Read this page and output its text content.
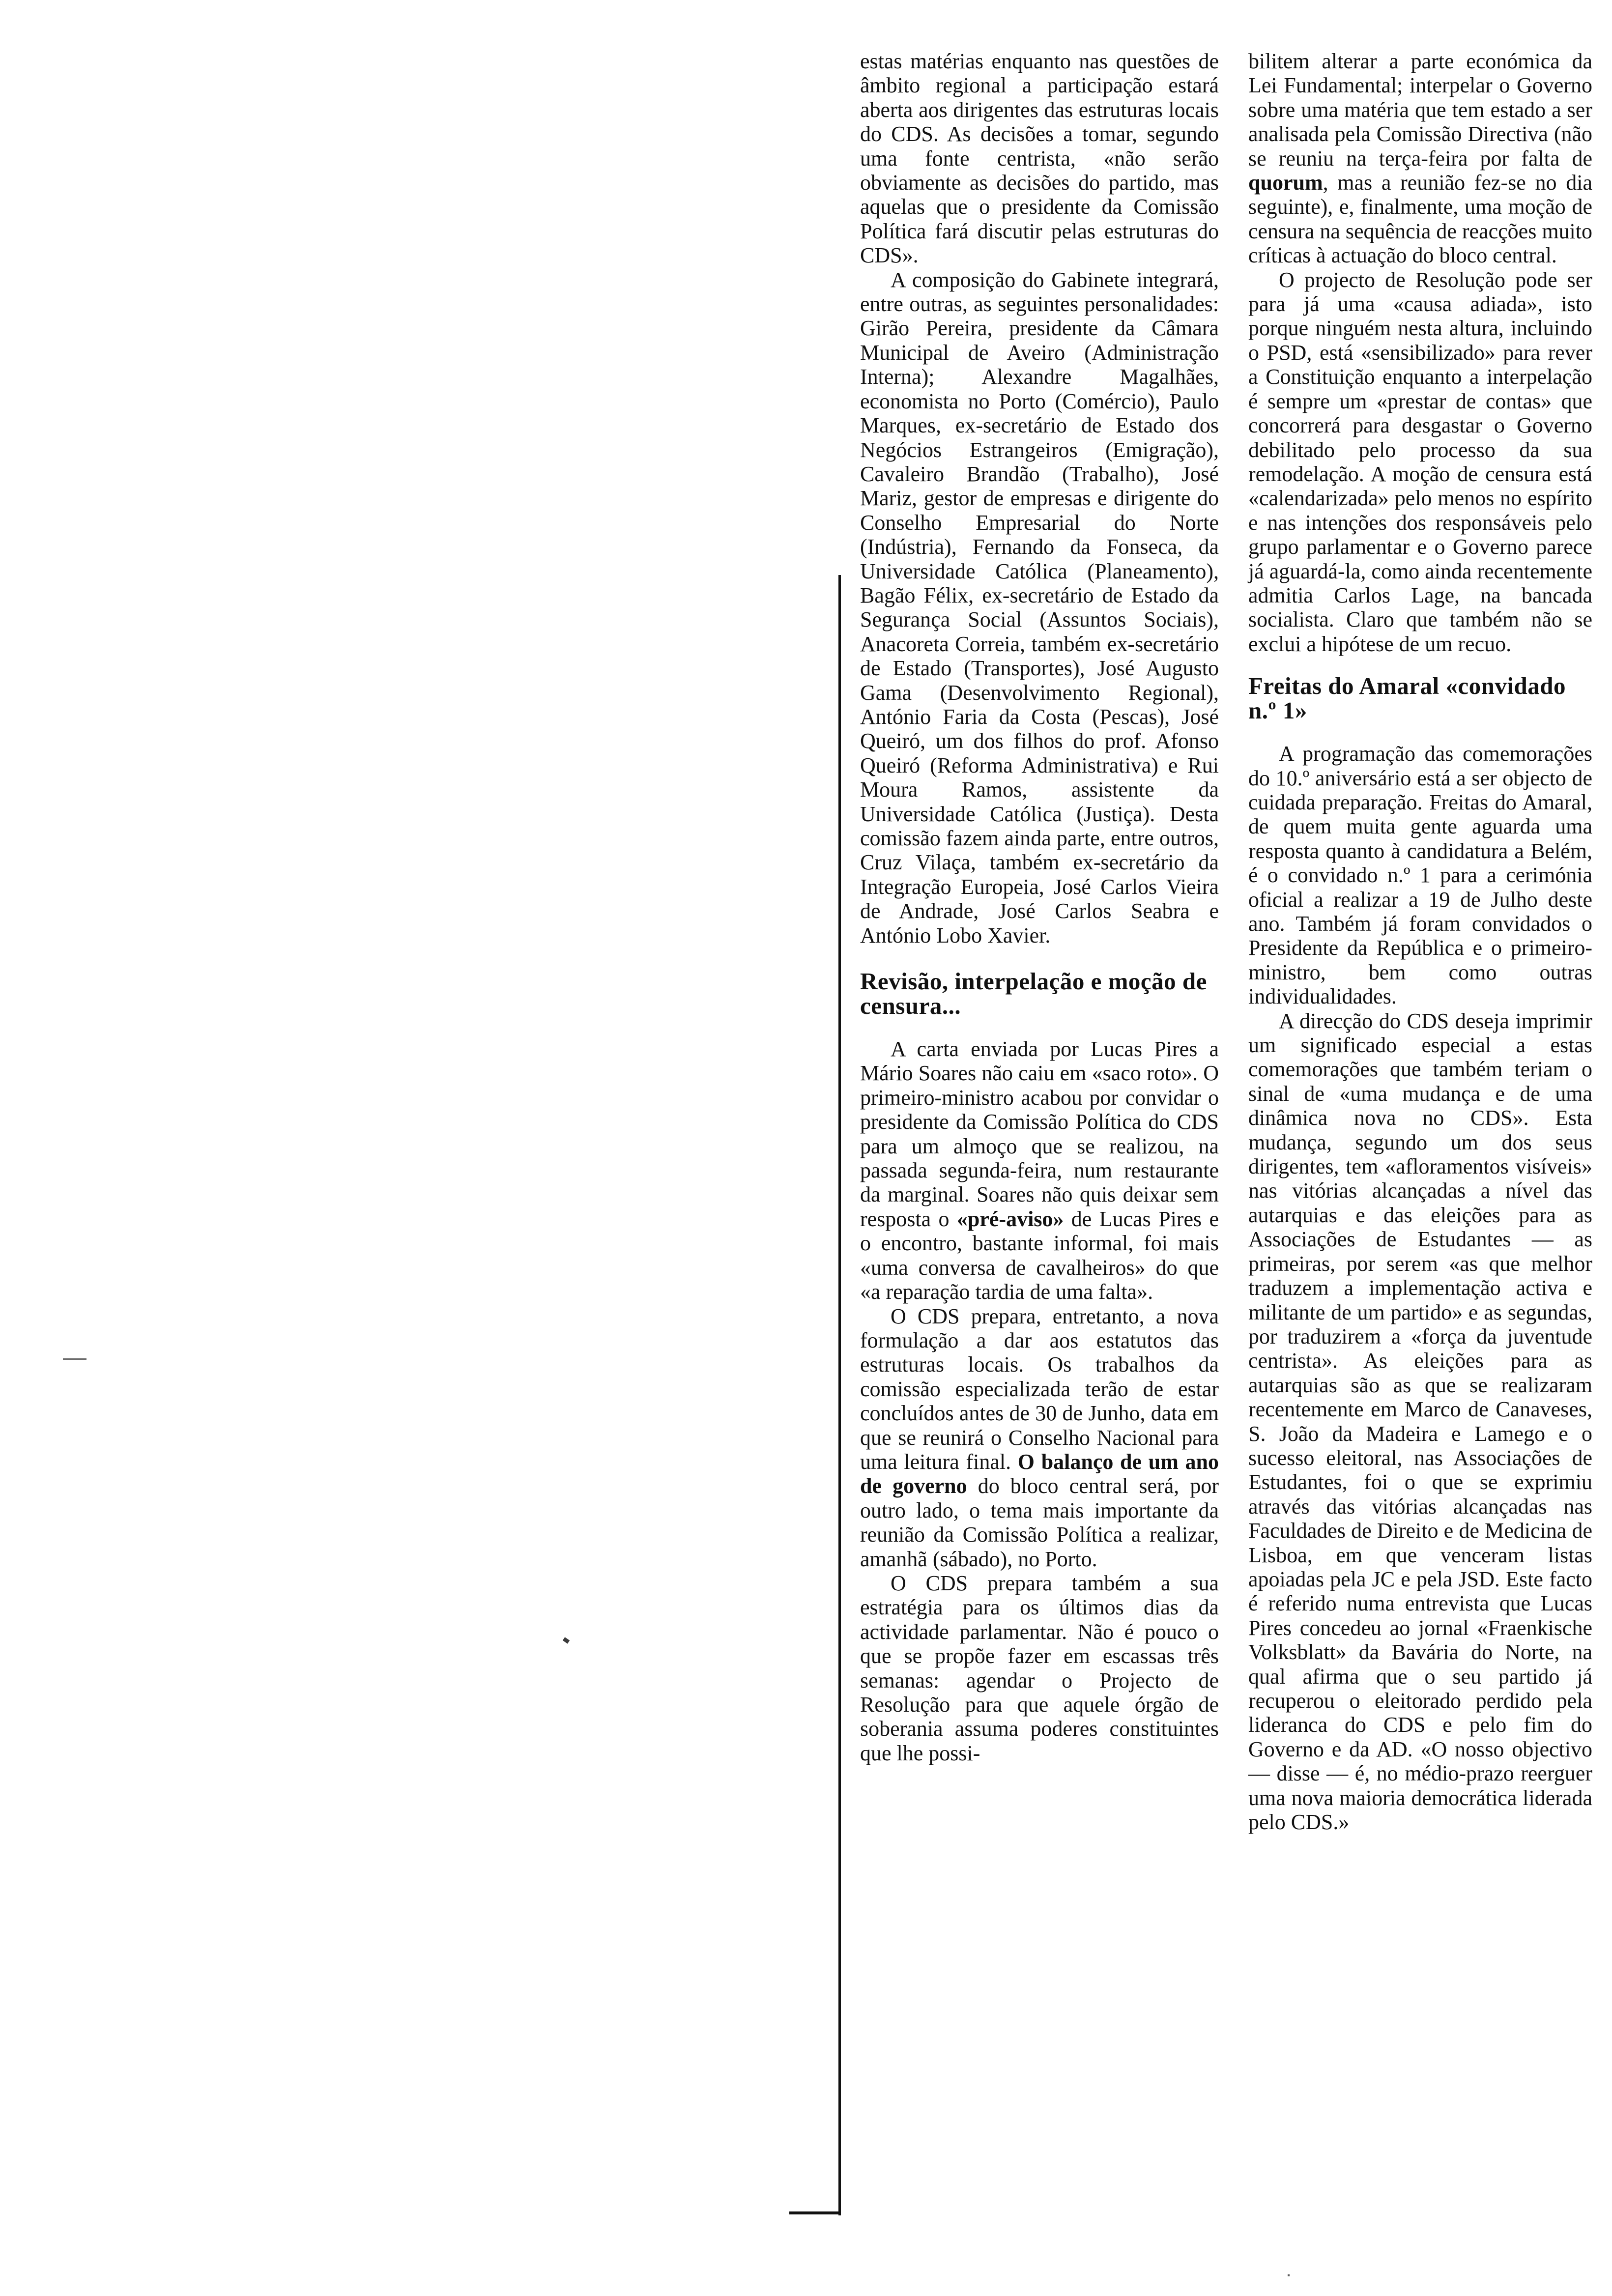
estas matérias enquanto nas questões de âmbito regional a participação estará aberta aos dirigentes das estruturas locais do CDS. As decisões a tomar, segundo uma fonte centrista, «não serão obviamente as decisões do partido, mas aquelas que o presidente da Comissão Política fará discutir pelas estruturas do CDS».

A composição do Gabinete integrará, entre outras, as seguintes personalidades: Girão Pereira, presidente da Câmara Municipal de Aveiro (Administração Interna); Alexandre Magalhães, economista no Porto (Comércio), Paulo Marques, ex-secretário de Estado dos Negócios Estrangeiros (Emigração), Cavaleiro Brandão (Trabalho), José Mariz, gestor de empresas e dirigente do Conselho Empresarial do Norte (Indústria), Fernando da Fonseca, da Universidade Católica (Planeamento), Bagão Félix, ex-secretário de Estado da Segurança Social (Assuntos Sociais), Anacoreta Correia, também ex-secretário de Estado (Transportes), José Augusto Gama (Desenvolvimento Regional), António Faria da Costa (Pescas), José Queiró, um dos filhos do prof. Afonso Queiró (Reforma Administrativa) e Rui Moura Ramos, assistente da Universidade Católica (Justiça). Desta comissão fazem ainda parte, entre outros, Cruz Vilaça, também ex-secretário da Integração Europeia, José Carlos Vieira de Andrade, José Carlos Seabra e António Lobo Xavier.

Revisão, interpelação e moção de censura...

A carta enviada por Lucas Pires a Mário Soares não caiu em «saco roto». O primeiro-ministro acabou por convidar o presidente da Comissão Política do CDS para um almoço que se realizou, na passada segunda-feira, num restaurante da marginal. Soares não quis deixar sem resposta o «pré-aviso» de Lucas Pires e o encontro, bastante informal, foi mais «uma conversa de cavalheiros» do que «a reparação tardia de uma falta».

O CDS prepara, entretanto, a nova formulação a dar aos estatutos das estruturas locais. Os trabalhos da comissão especializada terão de estar concluídos antes de 30 de Junho, data em que se reunirá o Conselho Nacional para uma leitura final. O balanço de um ano de governo do bloco central será, por outro lado, o tema mais importante da reunião da Comissão Política a realizar, amanhã (sábado), no Porto.

O CDS prepara também a sua estratégia para os últimos dias da actividade parlamentar. Não é pouco o que se propõe fazer em escassas três semanas: agendar o Projecto de Resolução para que aquele órgão de soberania assuma poderes constituintes que lhe possi-

bilitem alterar a parte económica da Lei Fundamental; interpelar o Governo sobre uma matéria que tem estado a ser analisada pela Comissão Directiva (não se reuniu na terça-feira por falta de quorum, mas a reunião fez-se no dia seguinte), e, finalmente, uma moção de censura na sequência de reacções muito críticas à actuação do bloco central.

O projecto de Resolução pode ser para já uma «causa adiada», isto porque ninguém nesta altura, incluindo o PSD, está «sensibilizado» para rever a Constituição enquanto a interpelação é sempre um «prestar de contas» que concorrerá para desgastar o Governo debilitado pelo processo da sua remodelação. A moção de censura está «calendarizada» pelo menos no espírito e nas intenções dos responsáveis pelo grupo parlamentar e o Governo parece já aguardá-la, como ainda recentemente admitia Carlos Lage, na bancada socialista. Claro que também não se exclui a hipótese de um recuo.

Freitas do Amaral «convidado n.º 1»

A programação das comemorações do 10.º aniversário está a ser objecto de cuidada preparação. Freitas do Amaral, de quem muita gente aguarda uma resposta quanto à candidatura a Belém, é o convidado n.º 1 para a cerimónia oficial a realizar a 19 de Julho deste ano. Também já foram convidados o Presidente da República e o primeiro-ministro, bem como outras individualidades.

A direcção do CDS deseja imprimir um significado especial a estas comemorações que também teriam o sinal de «uma mudança e de uma dinâmica nova no CDS». Esta mudança, segundo um dos seus dirigentes, tem «afloramentos visíveis» nas vitórias alcançadas a nível das autarquias e das eleições para as Associações de Estudantes — as primeiras, por serem «as que melhor traduzem a implementação activa e militante de um partido» e as segundas, por traduzirem a «força da juventude centrista». As eleições para as autarquias são as que se realizaram recentemente em Marco de Canaveses, S. João da Madeira e Lamego e o sucesso eleitoral, nas Associações de Estudantes, foi o que se exprimiu através das vitórias alcançadas nas Faculdades de Direito e de Medicina de Lisboa, em que venceram listas apoiadas pela JC e pela JSD. Este facto é referido numa entrevista que Lucas Pires concedeu ao jornal «Fraenkische Volksblatt» da Bavária do Norte, na qual afirma que o seu partido já recuperou o eleitorado perdido pela lideranca do CDS e pelo fim do Governo e da AD. «O nosso objectivo — disse — é, no médio-prazo reerguer uma nova maioria democrática liderada pelo CDS.»
